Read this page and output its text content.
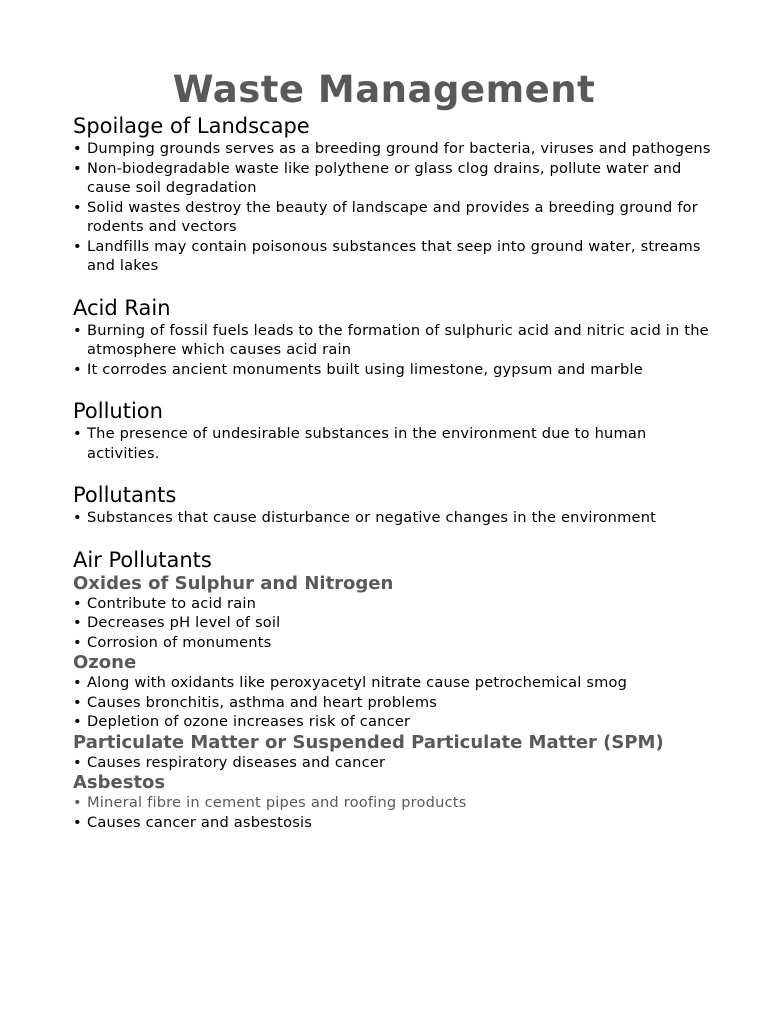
Waste Management
Spoilage of Landscape
• Dumping grounds serves as a breeding ground for bacteria, viruses and pathogens
• Non-biodegradable waste like polythene or glass clog drains, pollute water and cause soil degradation
• Solid wastes destroy the beauty of landscape and provides a breeding ground for rodents and vectors
• Landfills may contain poisonous substances that seep into ground water, streams and lakes
Acid Rain
• Burning of fossil fuels leads to the formation of sulphuric acid and nitric acid in the atmosphere which causes acid rain
• It corrodes ancient monuments built using limestone, gypsum and marble
Pollution
• The presence of undesirable substances in the environment due to human activities.
Pollutants
• Substances that cause disturbance or negative changes in the environment
Air Pollutants
Oxides of Sulphur and Nitrogen
• Contribute to acid rain
• Decreases pH level of soil
• Corrosion of monuments
Ozone
• Along with oxidants like peroxyacetyl nitrate cause petrochemical smog
• Causes bronchitis, asthma and heart problems
• Depletion of ozone increases risk of cancer
Particulate Matter or Suspended Particulate Matter (SPM)
• Causes respiratory diseases and cancer
Asbestos
• Mineral fibre in cement pipes and roofing products
• Causes cancer and asbestosis
